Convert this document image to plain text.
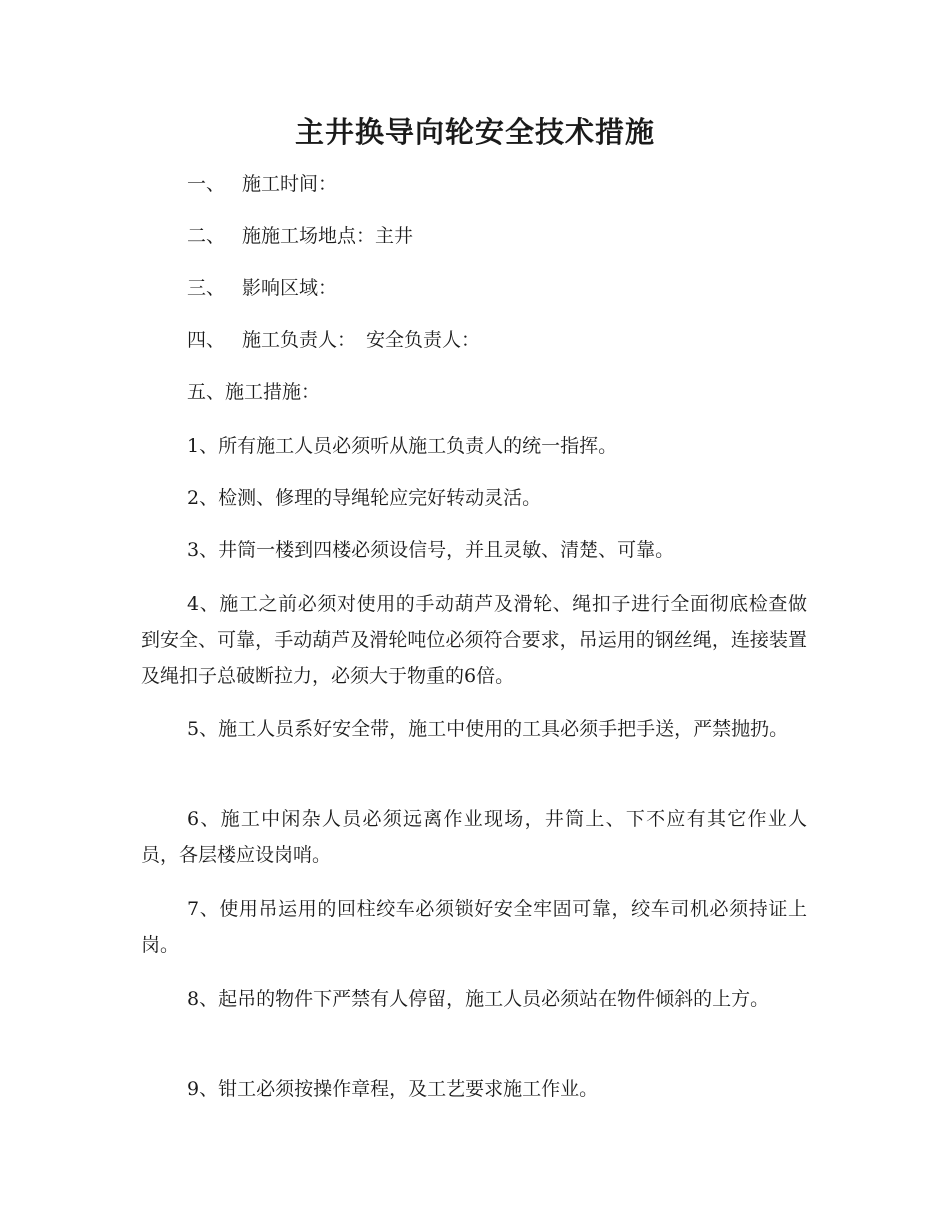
主井换导向轮安全技术措施
一、 施工时间：
二、 施施工场地点：主井
三、 影响区域：
四、 施工负责人： 安全负责人：
五、施工措施：

1、所有施工人员必须听从施工负责人的统一指挥。

2、检测、修理的导绳轮应完好转动灵活。

3、井筒一楼到四楼必须设信号，并且灵敏、清楚、可靠。

4、施工之前必须对使用的手动葫芦及滑轮、绳扣子进行全面彻底检查做到安全、可靠，手动葫芦及滑轮吨位必须符合要求，吊运用的钢丝绳，连接装置及绳扣子总破断拉力，必须大于物重的6倍。

5、施工人员系好安全带，施工中使用的工具必须手把手送，严禁抛扔。

6、施工中闲杂人员必须远离作业现场，井筒上、下不应有其它作业人员，各层楼应设岗哨。

7、使用吊运用的回柱绞车必须锁好安全牢固可靠，绞车司机必须持证上岗。

8、起吊的物件下严禁有人停留，施工人员必须站在物件倾斜的上方。

9、钳工必须按操作章程，及工艺要求施工作业。
